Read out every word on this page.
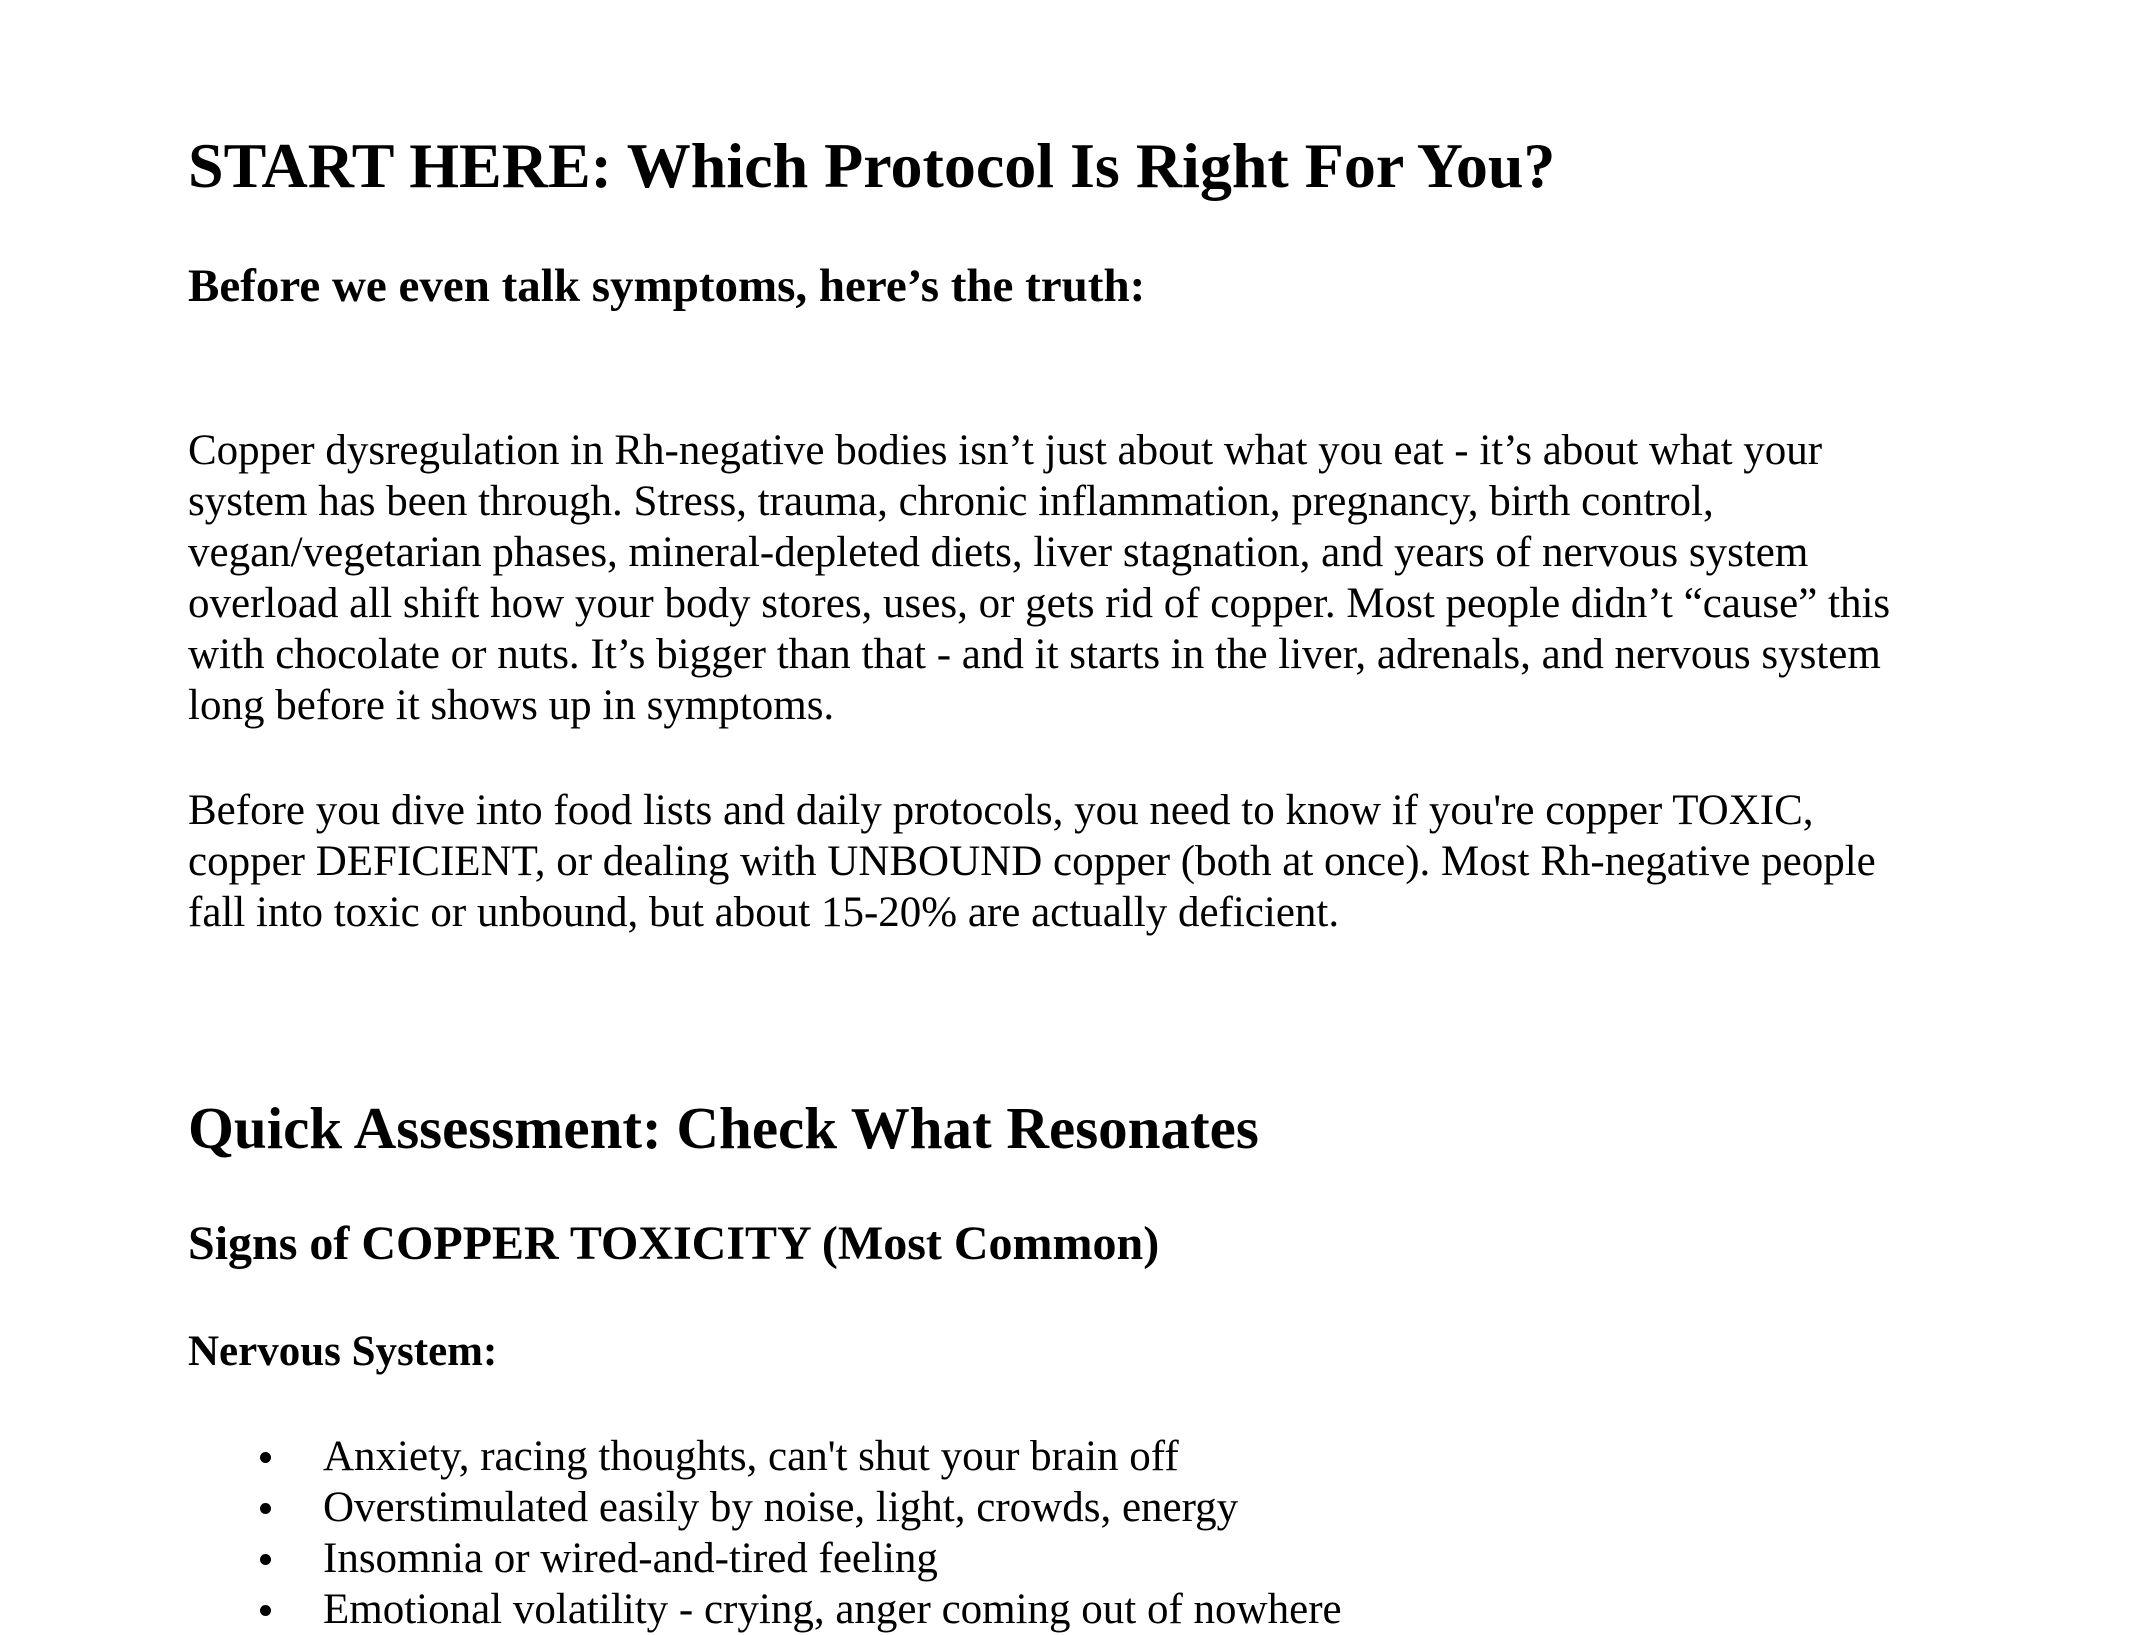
START HERE: Which Protocol Is Right For You?
Before we even talk symptoms, here’s the truth:

Copper dysregulation in Rh-negative bodies isn’t just about what you eat - it’s about what your system has been through. Stress, trauma, chronic inflammation, pregnancy, birth control, vegan/vegetarian phases, mineral-depleted diets, liver stagnation, and years of nervous system overload all shift how your body stores, uses, or gets rid of copper. Most people didn’t “cause” this with chocolate or nuts. It’s bigger than that - and it starts in the liver, adrenals, and nervous system long before it shows up in symptoms.

Before you dive into food lists and daily protocols, you need to know if you're copper TOXIC, copper DEFICIENT, or dealing with UNBOUND copper (both at once). Most Rh-negative people fall into toxic or unbound, but about 15-20% are actually deficient.

Quick Assessment: Check What Resonates
Signs of COPPER TOXICITY (Most Common)
Nervous System:
Anxiety, racing thoughts, can't shut your brain off
Overstimulated easily by noise, light, crowds, energy
Insomnia or wired-and-tired feeling
Emotional volatility - crying, anger coming out of nowhere
